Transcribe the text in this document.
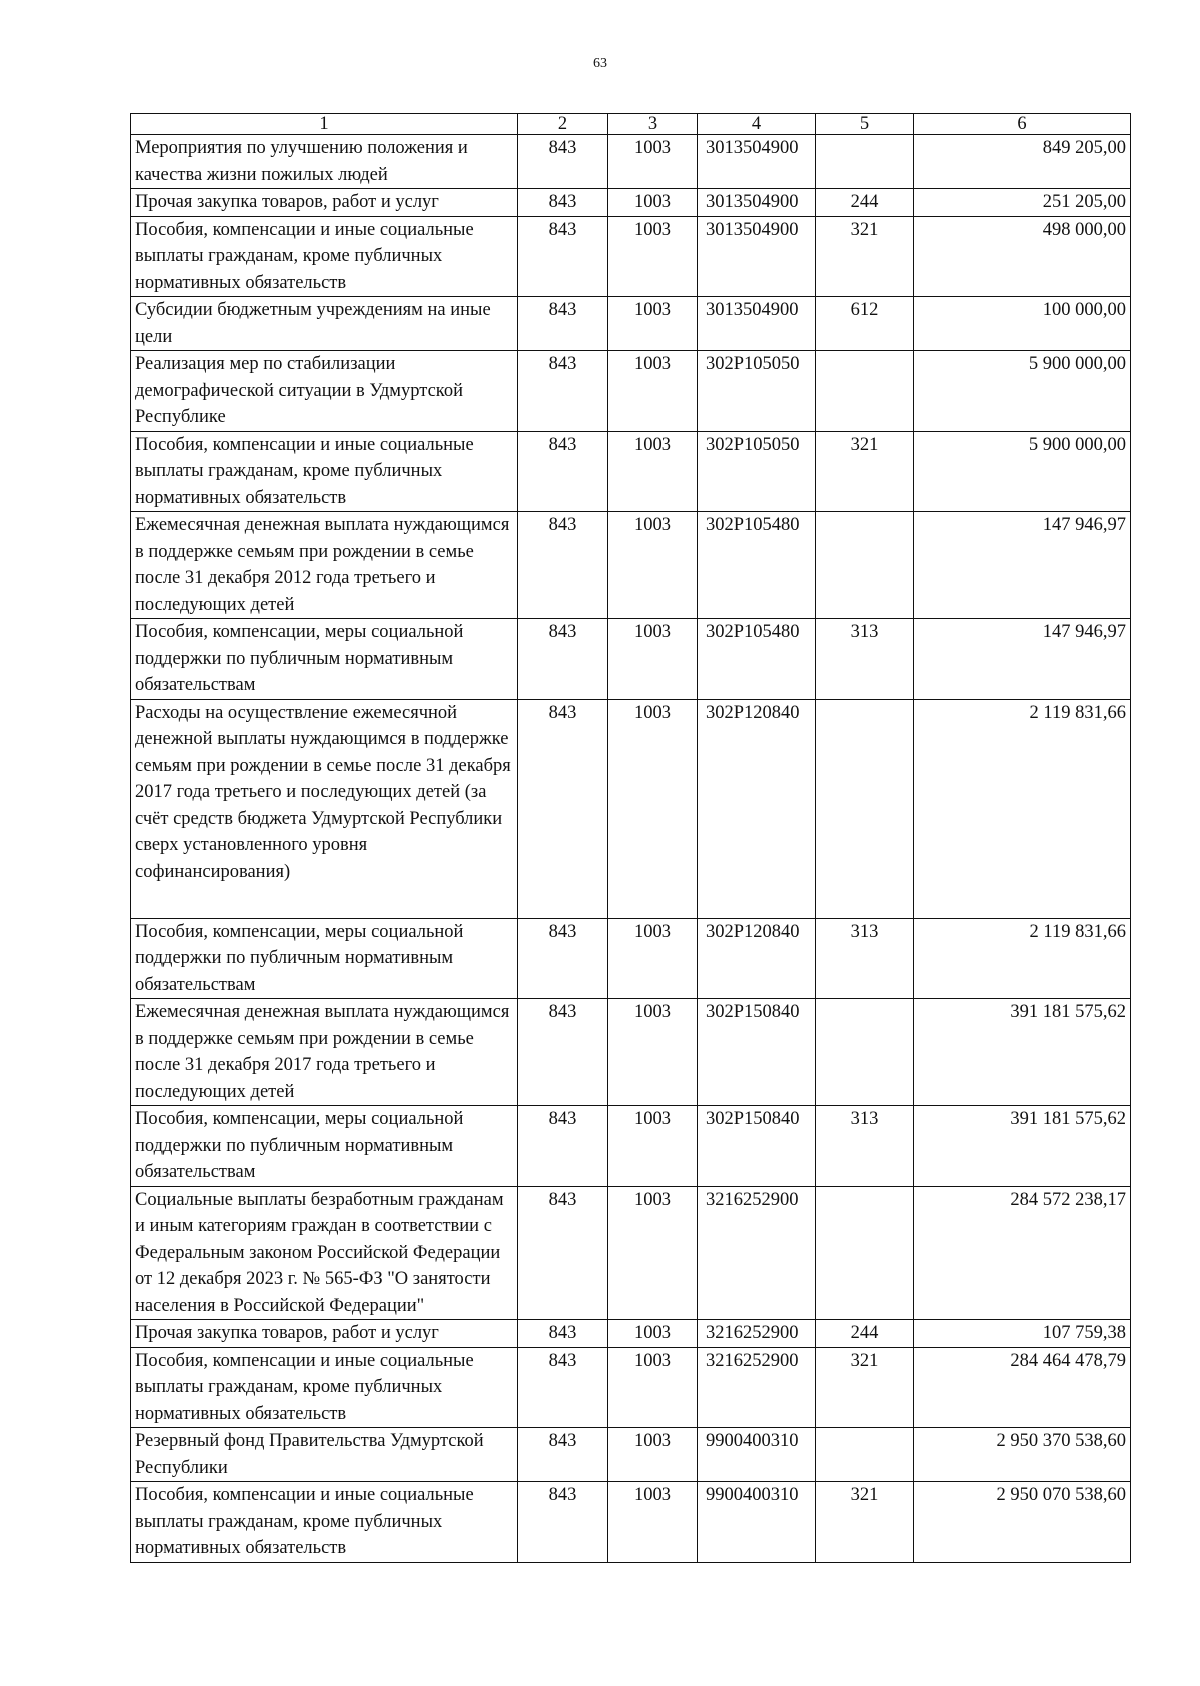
63
1	2	3	4	5	6
Мероприятия по улучшению положения и качества жизни пожилых людей	843	1003	3013504900		849 205,00
Прочая закупка товаров, работ и услуг	843	1003	3013504900	244	251 205,00
Пособия, компенсации и иные социальные выплаты гражданам, кроме публичных нормативных обязательств	843	1003	3013504900	321	498 000,00
Субсидии бюджетным учреждениям на иные цели	843	1003	3013504900	612	100 000,00
Реализация мер по стабилизации демографической ситуации в Удмуртской Республике	843	1003	302P105050		5 900 000,00
Пособия, компенсации и иные социальные выплаты гражданам, кроме публичных нормативных обязательств	843	1003	302P105050	321	5 900 000,00
Ежемесячная денежная выплата нуждающимся в поддержке семьям при рождении в семье после 31 декабря 2012 года третьего и последующих детей	843	1003	302P105480		147 946,97
Пособия, компенсации, меры социальной поддержки по публичным нормативным обязательствам	843	1003	302P105480	313	147 946,97
Расходы на осуществление ежемесячной денежной выплаты нуждающимся в поддержке семьям при рождении в семье после 31 декабря 2017 года третьего и последующих детей (за счёт средств бюджета Удмуртской Республики сверх установленного уровня софинансирования)	843	1003	302P120840		2 119 831,66
Пособия, компенсации, меры социальной поддержки по публичным нормативным обязательствам	843	1003	302P120840	313	2 119 831,66
Ежемесячная денежная выплата нуждающимся в поддержке семьям при рождении в семье после 31 декабря 2017 года третьего и последующих детей	843	1003	302P150840		391 181 575,62
Пособия, компенсации, меры социальной поддержки по публичным нормативным обязательствам	843	1003	302P150840	313	391 181 575,62
Социальные выплаты безработным гражданам и иным категориям граждан в соответствии с Федеральным законом Российской Федерации от 12 декабря 2023 г. № 565-ФЗ "О занятости населения в Российской Федерации"	843	1003	3216252900		284 572 238,17
Прочая закупка товаров, работ и услуг	843	1003	3216252900	244	107 759,38
Пособия, компенсации и иные социальные выплаты гражданам, кроме публичных нормативных обязательств	843	1003	3216252900	321	284 464 478,79
Резервный фонд Правительства Удмуртской Республики	843	1003	9900400310		2 950 370 538,60
Пособия, компенсации и иные социальные выплаты гражданам, кроме публичных нормативных обязательств	843	1003	9900400310	321	2 950 070 538,60
